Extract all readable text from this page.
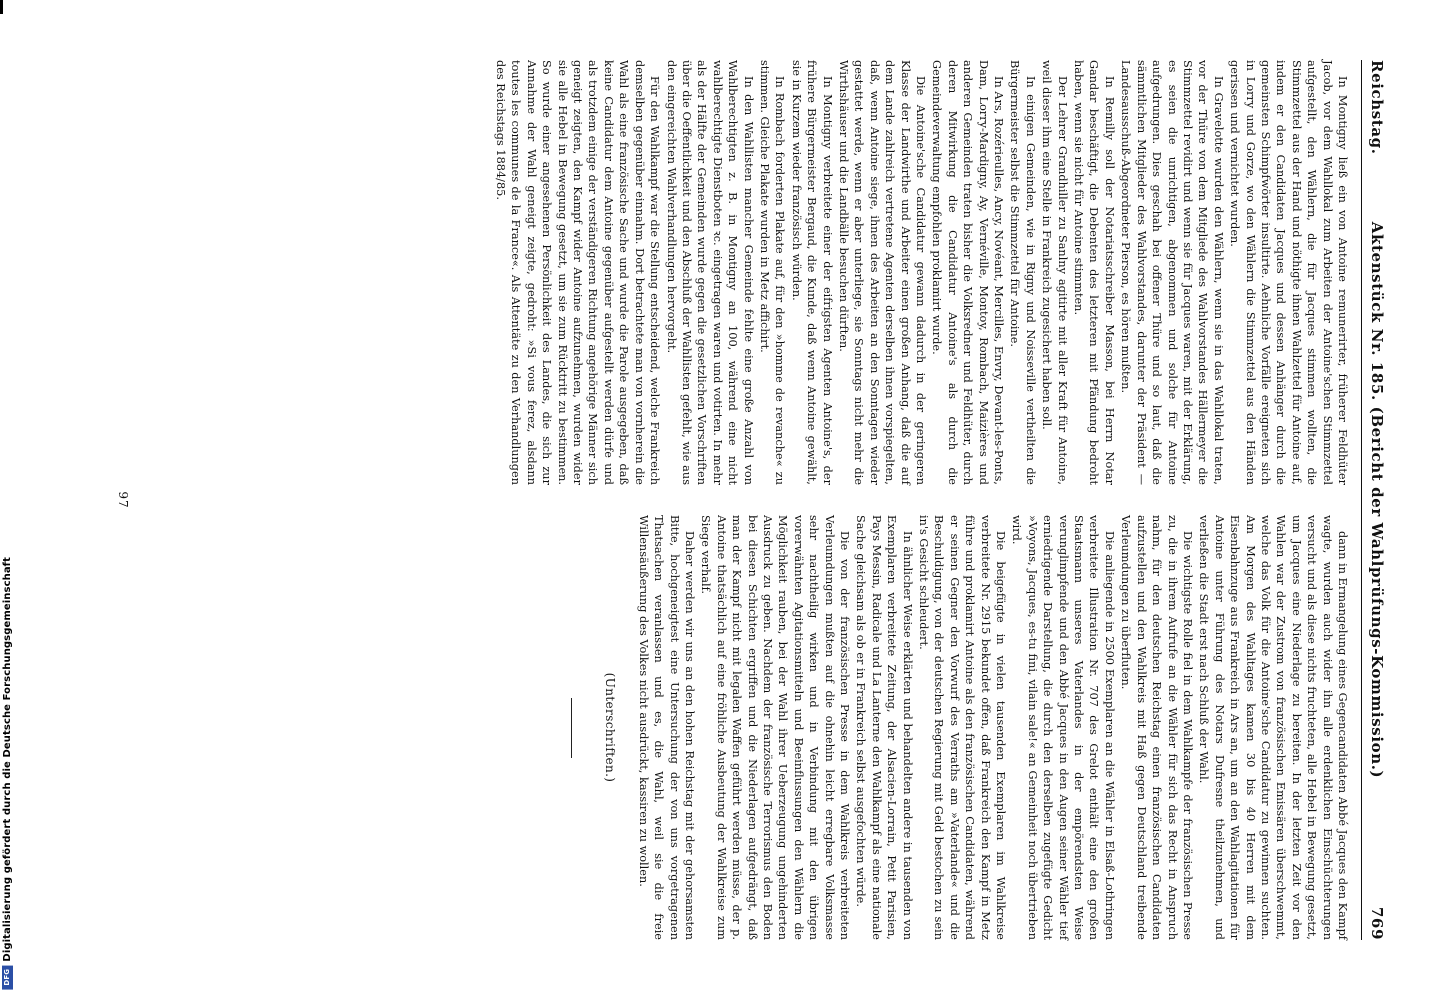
DFG
Digitalisierung gefördert durch die Deutsche Forschungsgemeinschaft
Reichstag.
Aktenstück Nr. 185. (Bericht der Wahlprüfungs-Kommission.)
769

In Montigny ließ ein von Antoine remunerirter, früherer Feldhüter Jacob, vor dem Wahllokal zum Arbeiten der Antoine'schen Stimmzettel aufgestellt, den Wählern, die für Jacques stimmen wollten, die Stimmzettel aus der Hand und nöthigte ihnen Wahlzettel für Antoine auf, indem er den Candidaten Jacques und dessen Anhänger durch die gemeinsten Schimpfwörter insultirte. Aehnliche Vorfälle ereigneten sich in Lorry und Gorze, wo den Wählern die Stimmzettel aus den Händen gerissen und vernichtet wurden.

In Gravelotte wurden den Wählern, wenn sie in das Wahllokal traten, vor der Thüre von dem Mitgliede des Wahlvorstandes Hällermeyer die Stimmzettel revidirt und wenn sie für Jacques waren, mit der Erklärung, es seien die unrichtigen, abgenommen und solche für Antoine aufgedrungen. Dies geschah bei offener Thüre und so laut, daß die sämmtlichen Mitglieder des Wahlvorstandes, darunter der Präsident — Landesausschuß-Abgeordneter Pierson, es hören mußten.

In Remilly soll der Notariatsschreiber Masson, bei Herrn Notar Gandar beschäftigt, die Debenten des letzteren mit Pfändung bedroht haben, wenn sie nicht für Antoine stimmten.

Der Lehrer Grandhiller zu Sanlny agitirte mit aller Kraft für Antoine, weil dieser ihm eine Stelle in Frankreich zugesichert haben soll.

In einigen Gemeinden, wie in Rigny und Noisseville vertheilten die Bürgermeister selbst die Stimmzettel für Antoine.

In Ars, Rozérieulles, Ancy, Novéant, Mercilles, Envry, Devant-les-Ponts, Dam, Lorry-Mardigny, Ay, Vernéville, Montoy, Rombach, Maizières und anderen Gemeinden traten bisher die Volksredner und Feldhüter, durch deren Mitwirkung die Candidatur Antoine's als durch die Gemeindeverwaltung empfohlen proklamirt wurde.

Die Antoine'sche Candidatur gewann dadurch in der geringeren Klasse der Landwirthe und Arbeiter einen großen Anhang, daß die auf dem Lande zahlreich vertretene Agenten derselben ihnen vorspiegelten, daß, wenn Antoine siege, ihnen des Arbeiten an den Sonntagen wieder gestattet werde, wenn er aber unterliege, sie Sonntags nicht mehr die Wirthshäuser und die Landbälle besuchen dürften.

In Montigny verbreitete einer der eifrigsten Agenten Antoine's, der frühere Bürgermeister Bergaud, die Kunde, daß wenn Antoine gewählt, sie in Kurzem wieder französisch würden.

In Rombach forderten Plakate auf, für den »homme de revanche« zu stimmen. Gleiche Plakate wurden in Metz affichirt.

In den Wahllisten mancher Gemeinde fehlte eine große Anzahl von Wahlberechtigten z. B. in Montigny an 100, während eine nicht wahlberechtigte Dienstboten ꝛc. eingetragen waren und votirten. In mehr als der Hälfte der Gemeinden wurde gegen die gesetzlichen Vorschriften über die Oeffentlichkeit und den Abschluß der Wahllisten gefehlt, wie aus den eingereichten Wahlverhandlungen hervorgeht.

Für den Wahlkampf war die Stellung entscheidend, welche Frankreich demselben gegenüber einnahm. Dort betrachtete man von vornherein die Wahl als eine französische Sache und wurde die Parole ausgegeben, daß keine Candidatur dem Antoine gegenüber aufgestellt werden dürfe und als trotzdem einige der verständigeren Richtung angehörige Männer sich geneigt zeigten, den Kampf wider Antoine aufzunehmen, wurden wider sie alle Hebel in Bewegung gesetzt, um sie zum Rücktritt zu bestimmen. So wurde einer angesehenen Persönlichkeit des Landes, die sich zur Annahme der Wahl geneigt zeigte, gedroht: »Si vous ferez, alsdann toutes les communes de la France«. Als Attentäte zu den Verhandlungen des Reichstags 1884/85.

dann in Ermangelung eines Gegencandidaten Abbé Jacques den Kampf wagte, wurden auch wider ihn alle erdenklichen Einschüchterungen versucht und als diese nichts fruchteten, alle Hebel in Bewegung gesetzt, um Jacques eine Niederlage zu bereiten. In der letzten Zeit vor den Wahlen war der Zustrom von französischen Emissären überschwemmt, welche das Volk für die Antoine'sche Candidatur zu gewinnen suchten. Am Morgen des Wahltages kamen 30 bis 40 Herren mit dem Eisenbahnzuge aus Frankreich in Ars an, um an den Wahlagitationen für Antoine unter Führung des Notars Dufresne theilzunehmen, und verließen die Stadt erst nach Schluß der Wahl.

Die wichtigste Rolle fiel in dem Wahlkampfe der französischen Presse zu, die in ihrem Aufrufe an die Wähler für sich das Recht in Anspruch nahm, für den deutschen Reichstag einen französischen Candidaten aufzustellen und den Wahlkreis mit Haß gegen Deutschland treibende Verleumdungen zu überfluten.

Die anliegende in 2500 Exemplaren an die Wähler in Elsaß-Lothringen verbreitete Illustration Nr. 707 des Grelot enthält eine den großen Staatsmann unseres Vaterlandes in der empörendsten Weise verunglimpfende und den Abbé Jacques in den Augen seiner Wähler tief erniedrigende Darstellung, die durch den derselben zugefügte Gedicht »Voyons, Jacques, es-tu fini, vilain sale!« an Gemeinheit noch übertrieben wird.

Die beigefügte in vielen tausenden Exemplaren im Wahlkreise verbreitete Nr. 2915 bekundet offen, daß Frankreich den Kampf in Metz führe und proklamirt Antoine als den französischen Candidaten, während er seinen Gegner den Vorwurf des Verraths am »Vaterlande« und die Beschuldigung, von der deutschen Regierung mit Geld bestochen zu sein in's Gesicht schleudert.

In ähnlicher Weise erklärten und behandelten andere in tausenden von Exemplaren verbreitete Zeitung, der Alsacien-Lorrain, Petit Parisien, Pays Messin, Radicale und La Lanterne den Wahlkampf als eine nationale Sache gleichsam als ob er in Frankreich selbst ausgefochten würde.

Die von der französischen Presse in dem Wahlkreis verbreiteten Verleumdungen mußten auf die ohnehin leicht erregbare Volksmasse sehr nachtheilig wirken und in Verbindung mit den übrigen vorerwähnten Agitationsmitteln und Beeinflussungen den Wählern die Möglichkeit rauben, bei der Wahl ihrer Ueberzeugung ungehinderten Ausdruck zu geben. Nachdem der französische Terrorismus den Boden bei diesen Schichten ergriffen und die Niederlagen aufgedrängt, daß man der Kampf nicht mit legalen Waffen geführt werden müsse, der p. Antoine thatsächlich auf eine fröhliche Ausbeutung der Wahlkreise zum Siege verhalf.

Daher werden wir uns an den hohen Reichstag mit der gehorsamsten Bitte, hochgeneigtest eine Untersuchung der von uns vorgetragenen Thatsachen veranlassen und es, die Wahl, weil sie die freie Willensäußerung des Volkes nicht ausdrückt, kassiren zu wollen.

(Unterschriften.)
97
